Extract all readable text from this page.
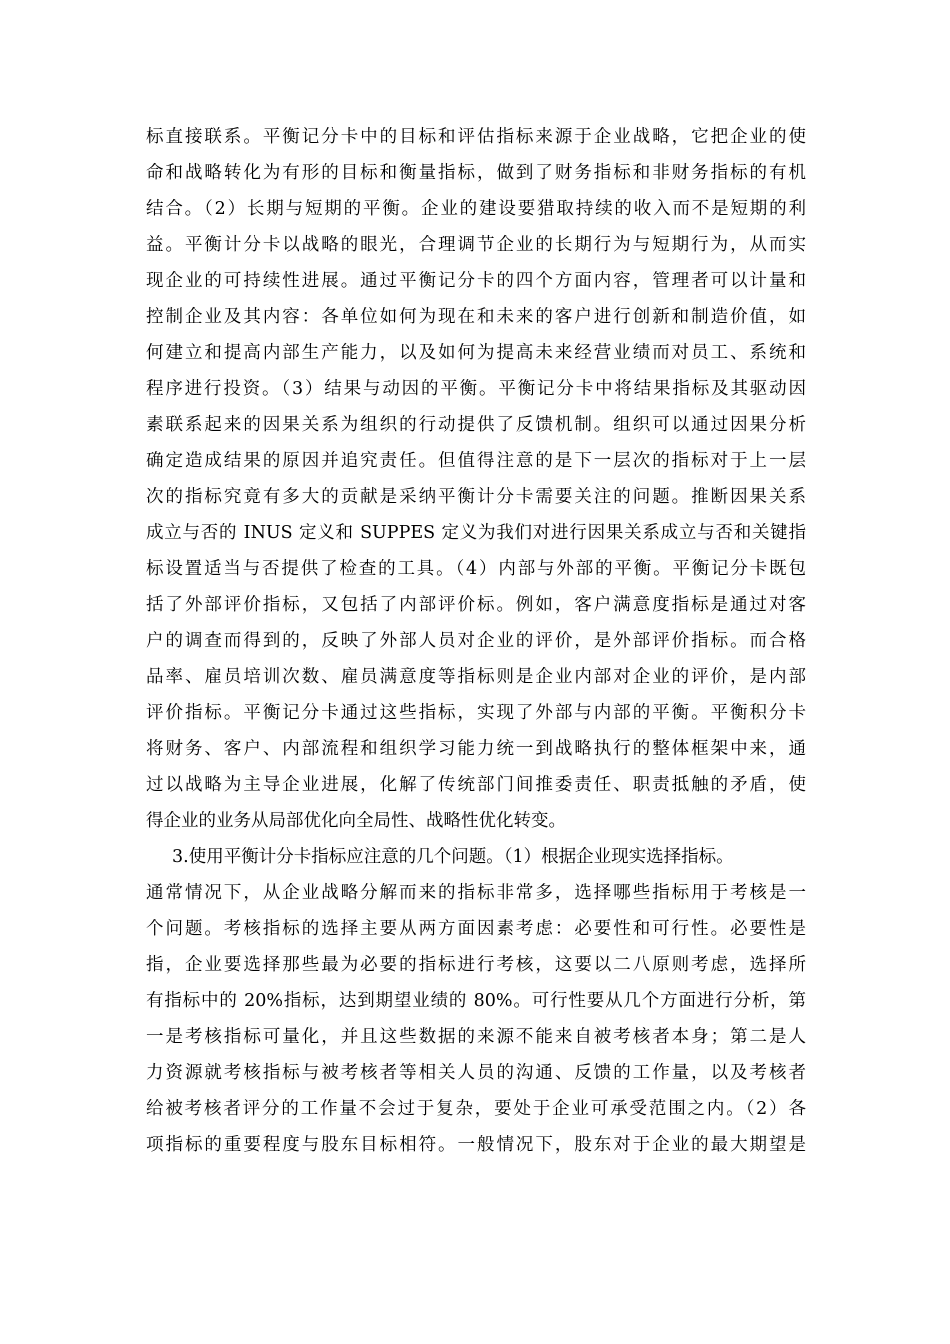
标直接联系。平衡记分卡中的目标和评估指标来源于企业战略，它把企业的使
命和战略转化为有形的目标和衡量指标，做到了财务指标和非财务指标的有机
结合。（2）长期与短期的平衡。企业的建设要猎取持续的收入而不是短期的利
益。平衡计分卡以战略的眼光，合理调节企业的长期行为与短期行为，从而实
现企业的可持续性进展。通过平衡记分卡的四个方面内容，管理者可以计量和
控制企业及其内容：各单位如何为现在和未来的客户进行创新和制造价值，如
何建立和提高内部生产能力，以及如何为提高未来经营业绩而对员工、系统和
程序进行投资。（3）结果与动因的平衡。平衡记分卡中将结果指标及其驱动因
素联系起来的因果关系为组织的行动提供了反馈机制。组织可以通过因果分析
确定造成结果的原因并追究责任。但值得注意的是下一层次的指标对于上一层
次的指标究竟有多大的贡献是采纳平衡计分卡需要关注的问题。推断因果关系
成立与否的 INUS 定义和 SUPPES 定义为我们对进行因果关系成立与否和关键指
标设置适当与否提供了检查的工具。（4）内部与外部的平衡。平衡记分卡既包
括了外部评价指标，又包括了内部评价标。例如，客户满意度指标是通过对客
户的调查而得到的，反映了外部人员对企业的评价，是外部评价指标。而合格
品率、雇员培训次数、雇员满意度等指标则是企业内部对企业的评价，是内部
评价指标。平衡记分卡通过这些指标，实现了外部与内部的平衡。平衡积分卡
将财务、客户、内部流程和组织学习能力统一到战略执行的整体框架中来，通
过以战略为主导企业进展，化解了传统部门间推委责任、职责抵触的矛盾，使
得企业的业务从局部优化向全局性、战略性优化转变。
3.使用平衡计分卡指标应注意的几个问题。（1）根据企业现实选择指标。
通常情况下，从企业战略分解而来的指标非常多，选择哪些指标用于考核是一
个问题。考核指标的选择主要从两方面因素考虑：必要性和可行性。必要性是
指，企业要选择那些最为必要的指标进行考核，这要以二八原则考虑，选择所
有指标中的 20%指标，达到期望业绩的 80%。可行性要从几个方面进行分析，第
一是考核指标可量化，并且这些数据的来源不能来自被考核者本身；第二是人
力资源就考核指标与被考核者等相关人员的沟通、反馈的工作量，以及考核者
给被考核者评分的工作量不会过于复杂，要处于企业可承受范围之内。（2）各
项指标的重要程度与股东目标相符。一般情况下，股东对于企业的最大期望是
